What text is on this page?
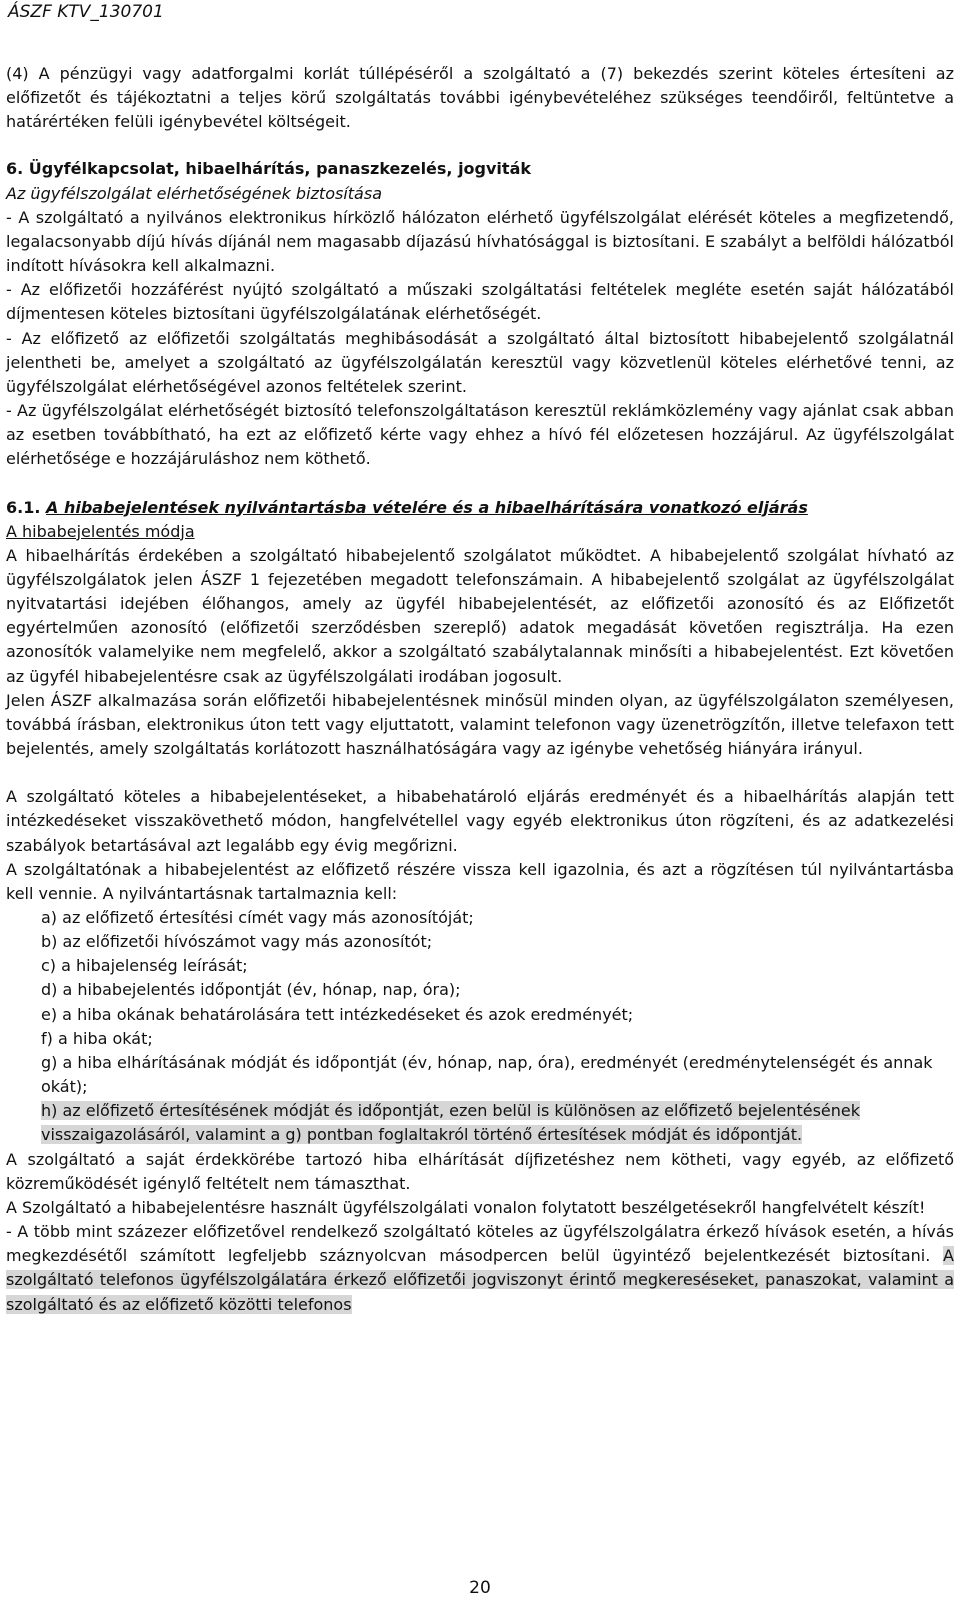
ÁSZF KTV_130701

(4) A pénzügyi vagy adatforgalmi korlát túllépéséről a szolgáltató a (7) bekezdés szerint köteles értesíteni az előfizetőt és tájékoztatni a teljes körű szolgáltatás további igénybevételéhez szükséges teendőiről, feltüntetve a határértéken felüli igénybevétel költségeit.

6. Ügyfélkapcsolat, hibaelhárítás, panaszkezelés, jogviták

Az ügyfélszolgálat elérhetőségének biztosítása

- A szolgáltató a nyilvános elektronikus hírközlő hálózaton elérhető ügyfélszolgálat elérését köteles a megfizetendő, legalacsonyabb díjú hívás díjánál nem magasabb díjazású hívhatósággal is biztosítani. E szabályt a belföldi hálózatból indított hívásokra kell alkalmazni.

- Az előfizetői hozzáférést nyújtó szolgáltató a műszaki szolgáltatási feltételek megléte esetén saját hálózatából díjmentesen köteles biztosítani ügyfélszolgálatának elérhetőségét.

- Az előfizető az előfizetői szolgáltatás meghibásodását a szolgáltató által biztosított hibabejelentő szolgálatnál jelentheti be, amelyet a szolgáltató az ügyfélszolgálatán keresztül vagy közvetlenül köteles elérhetővé tenni, az ügyfélszolgálat elérhetőségével azonos feltételek szerint.

- Az ügyfélszolgálat elérhetőségét biztosító telefonszolgáltatáson keresztül reklámközlemény vagy ajánlat csak abban az esetben továbbítható, ha ezt az előfizető kérte vagy ehhez a hívó fél előzetesen hozzájárul. Az ügyfélszolgálat elérhetősége e hozzájáruláshoz nem köthető.

6.1. A hibabejelentések nyilvántartásba vételére és a hibaelhárítására vonatkozó eljárás

A hibabejelentés módja

A hibaelhárítás érdekében a szolgáltató hibabejelentő szolgálatot működtet. A hibabejelentő szolgálat hívható az ügyfélszolgálatok jelen ÁSZF 1 fejezetében megadott telefonszámain. A hibabejelentő szolgálat az ügyfélszolgálat nyitvatartási idejében élőhangos, amely az ügyfél hibabejelentését, az előfizetői azonosító és az Előfizetőt egyértelműen azonosító (előfizetői szerződésben szereplő) adatok megadását követően regisztrálja. Ha ezen azonosítók valamelyike nem megfelelő, akkor a szolgáltató szabálytalannak minősíti a hibabejelentést. Ezt követően az ügyfél hibabejelentésre csak az ügyfélszolgálati irodában jogosult.

Jelen ÁSZF alkalmazása során előfizetői hibabejelentésnek minősül minden olyan, az ügyfélszolgálaton személyesen, továbbá írásban, elektronikus úton tett vagy eljuttatott, valamint telefonon vagy üzenetrögzítőn, illetve telefaxon tett bejelentés, amely szolgáltatás korlátozott használhatóságára vagy az igénybe vehetőség hiányára irányul.

A szolgáltató köteles a hibabejelentéseket, a hibabehatároló eljárás eredményét és a hibaelhárítás alapján tett intézkedéseket visszakövethető módon, hangfelvétellel vagy egyéb elektronikus úton rögzíteni, és az adatkezelési szabályok betartásával azt legalább egy évig megőrizni.

A szolgáltatónak a hibabejelentést az előfizető részére vissza kell igazolnia, és azt a rögzítésen túl nyilvántartásba kell vennie. A nyilvántartásnak tartalmaznia kell:

a) az előfizető értesítési címét vagy más azonosítóját;
b) az előfizetői hívószámot vagy más azonosítót;
c) a hibajelenség leírását;
d) a hibabejelentés időpontját (év, hónap, nap, óra);
e) a hiba okának behatárolására tett intézkedéseket és azok eredményét;
f) a hiba okát;
g) a hiba elhárításának módját és időpontját (év, hónap, nap, óra), eredményét (eredménytelenségét és annak okát);
h) az előfizető értesítésének módját és időpontját, ezen belül is különösen az előfizető bejelentésének visszaigazolásáról, valamint a g) pontban foglaltakról történő értesítések módját és időpontját.

A szolgáltató a saját érdekkörébe tartozó hiba elhárítását díjfizetéshez nem kötheti, vagy egyéb, az előfizető közreműködését igénylő feltételt nem támaszthat.

A Szolgáltató a hibabejelentésre használt ügyfélszolgálati vonalon folytatott beszélgetésekről hangfelvételt készít!

- A több mint százezer előfizetővel rendelkező szolgáltató köteles az ügyfélszolgálatra érkező hívások esetén, a hívás megkezdésétől számított legfeljebb száznyolcvan másodpercen belül ügyintéző bejelentkezését biztosítani. A szolgáltató telefonos ügyfélszolgálatára érkező előfizetői jogviszonyt érintő megkereséseket, panaszokat, valamint a szolgáltató és az előfizető közötti telefonos

20
